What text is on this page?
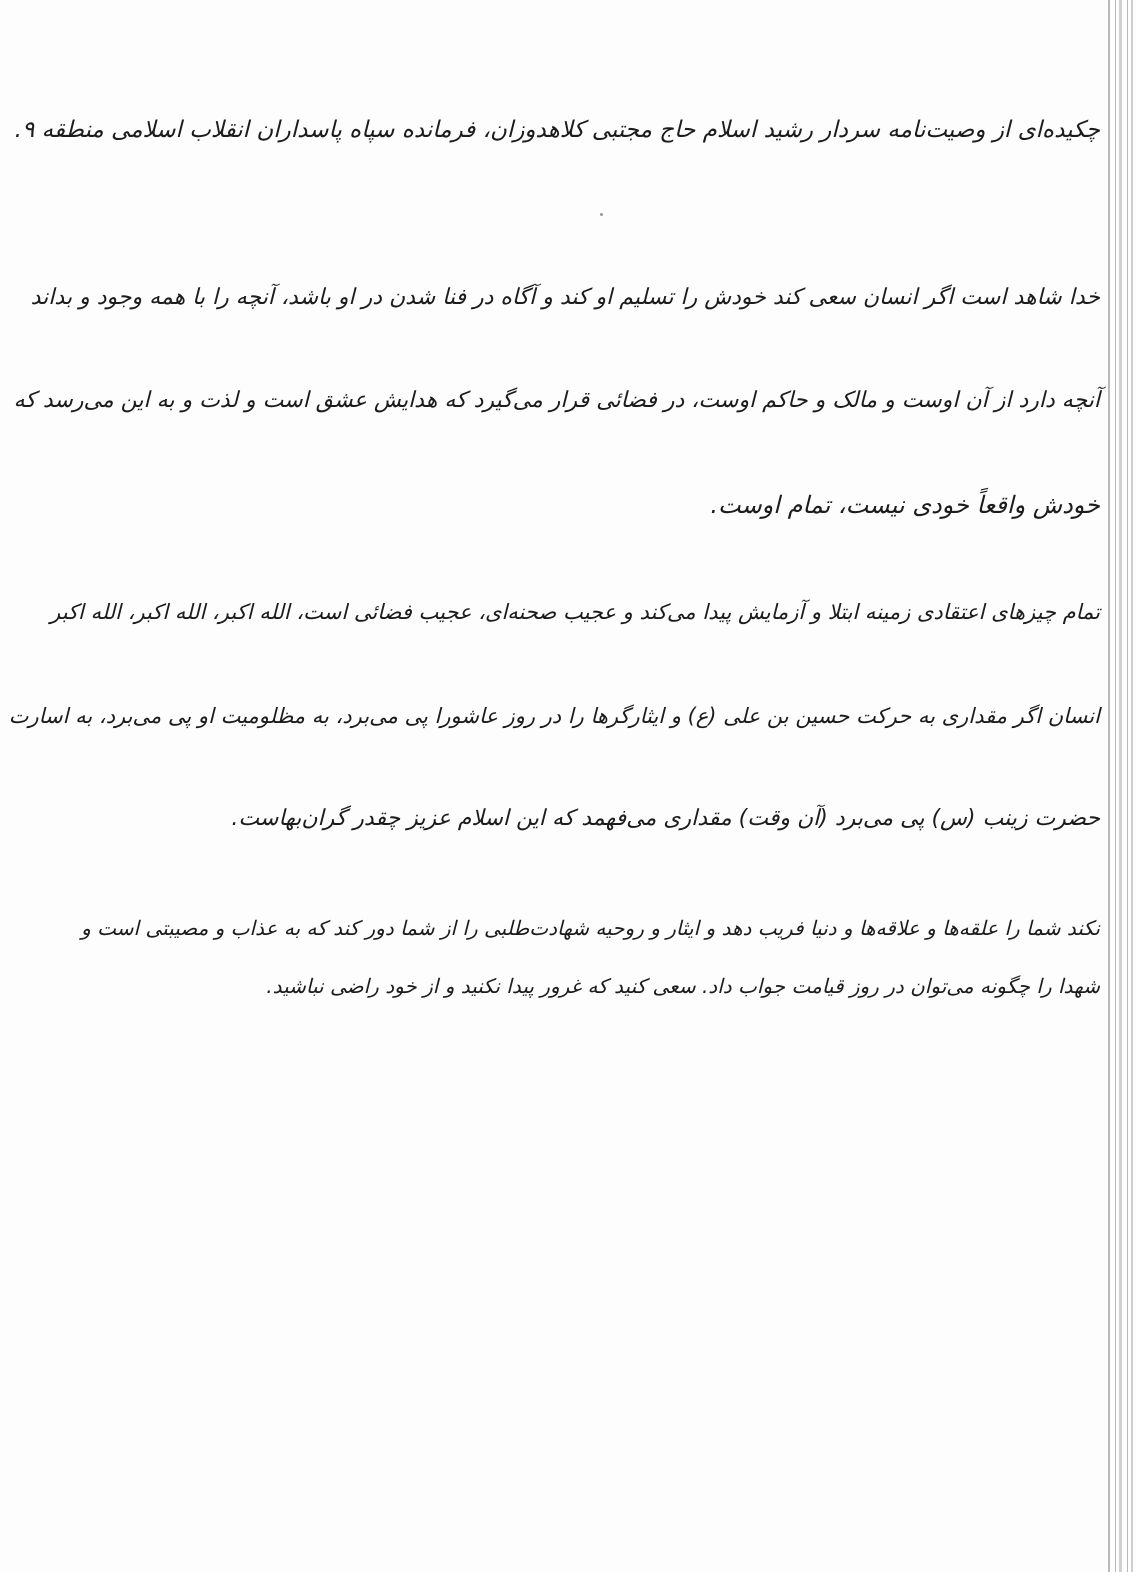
چکیده‌ای از وصیت‌نامه سردار رشید اسلام حاج مجتبی کلاهدوزان، فرمانده سپاه پاسداران انقلاب اسلامی منطقه ۹.
خدا شاهد است اگر انسان سعی کند خودش را تسلیم او کند و آگاه در فنا شدن در او باشد، آنچه را با همه وجود و بداند
آنچه دارد از آن اوست و مالک و حاکم اوست، در فضائی قرار می‌گیرد که هدایش عشق است و لذت و به این می‌رسد که
خودش واقعاً خودی نیست، تمام اوست.
تمام چیزهای اعتقادی زمینه ابتلا و آزمایش پیدا می‌کند و عجیب صحنه‌ای، عجیب فضائی است، الله اکبر، الله اکبر، الله اکبر
انسان اگر مقداری به حرکت حسین بن علی (ع) و ایثارگرها را در روز عاشورا پی می‌برد، به مظلومیت او پی می‌برد، به اسارت
حضرت زینب (س) پی می‌برد (آن وقت) مقداری می‌فهمد که این اسلام عزیز چقدر گران‌بهاست.
نکند شما را علقه‌ها و علاقه‌ها و دنیا فریب دهد و ایثار و روحیه شهادت‌طلبی را از شما دور کند که به عذاب و مصیبتی است و
شهدا را چگونه می‌توان در روز قیامت جواب داد. سعی کنید که غرور پیدا نکنید و از خود راضی نباشید.
